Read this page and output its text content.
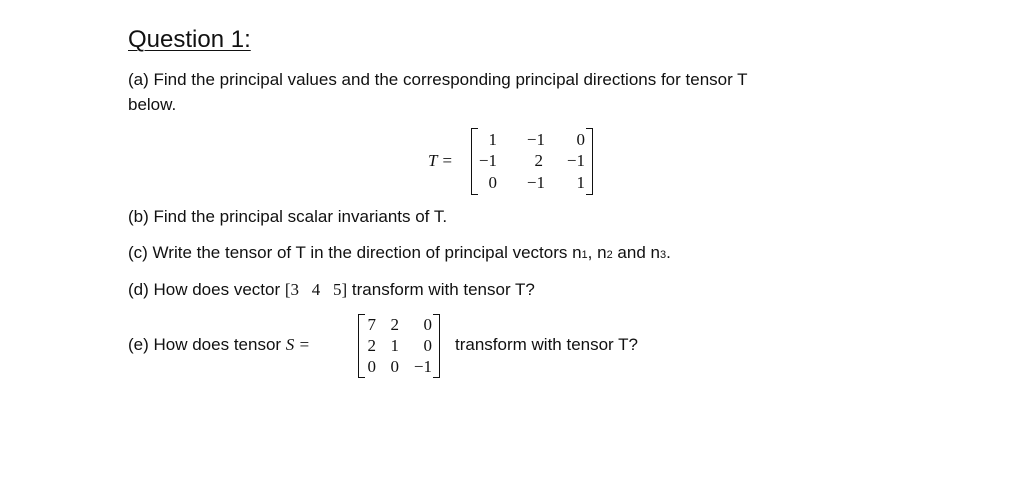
Question 1:
(a) Find the principal values and the corresponding principal directions for tensor T
below.
T =
1	−1	0
−1	2	−1
0	−1	1
(b) Find the principal scalar invariants of T.
(c) Write the tensor of T in the direction of principal vectors n1, n2 and n3.
(d) How does vector [3   4   5] transform with tensor T?
(e) How does tensor S =
7 2	0
2 1	0
0 0 −1
transform with tensor T?
